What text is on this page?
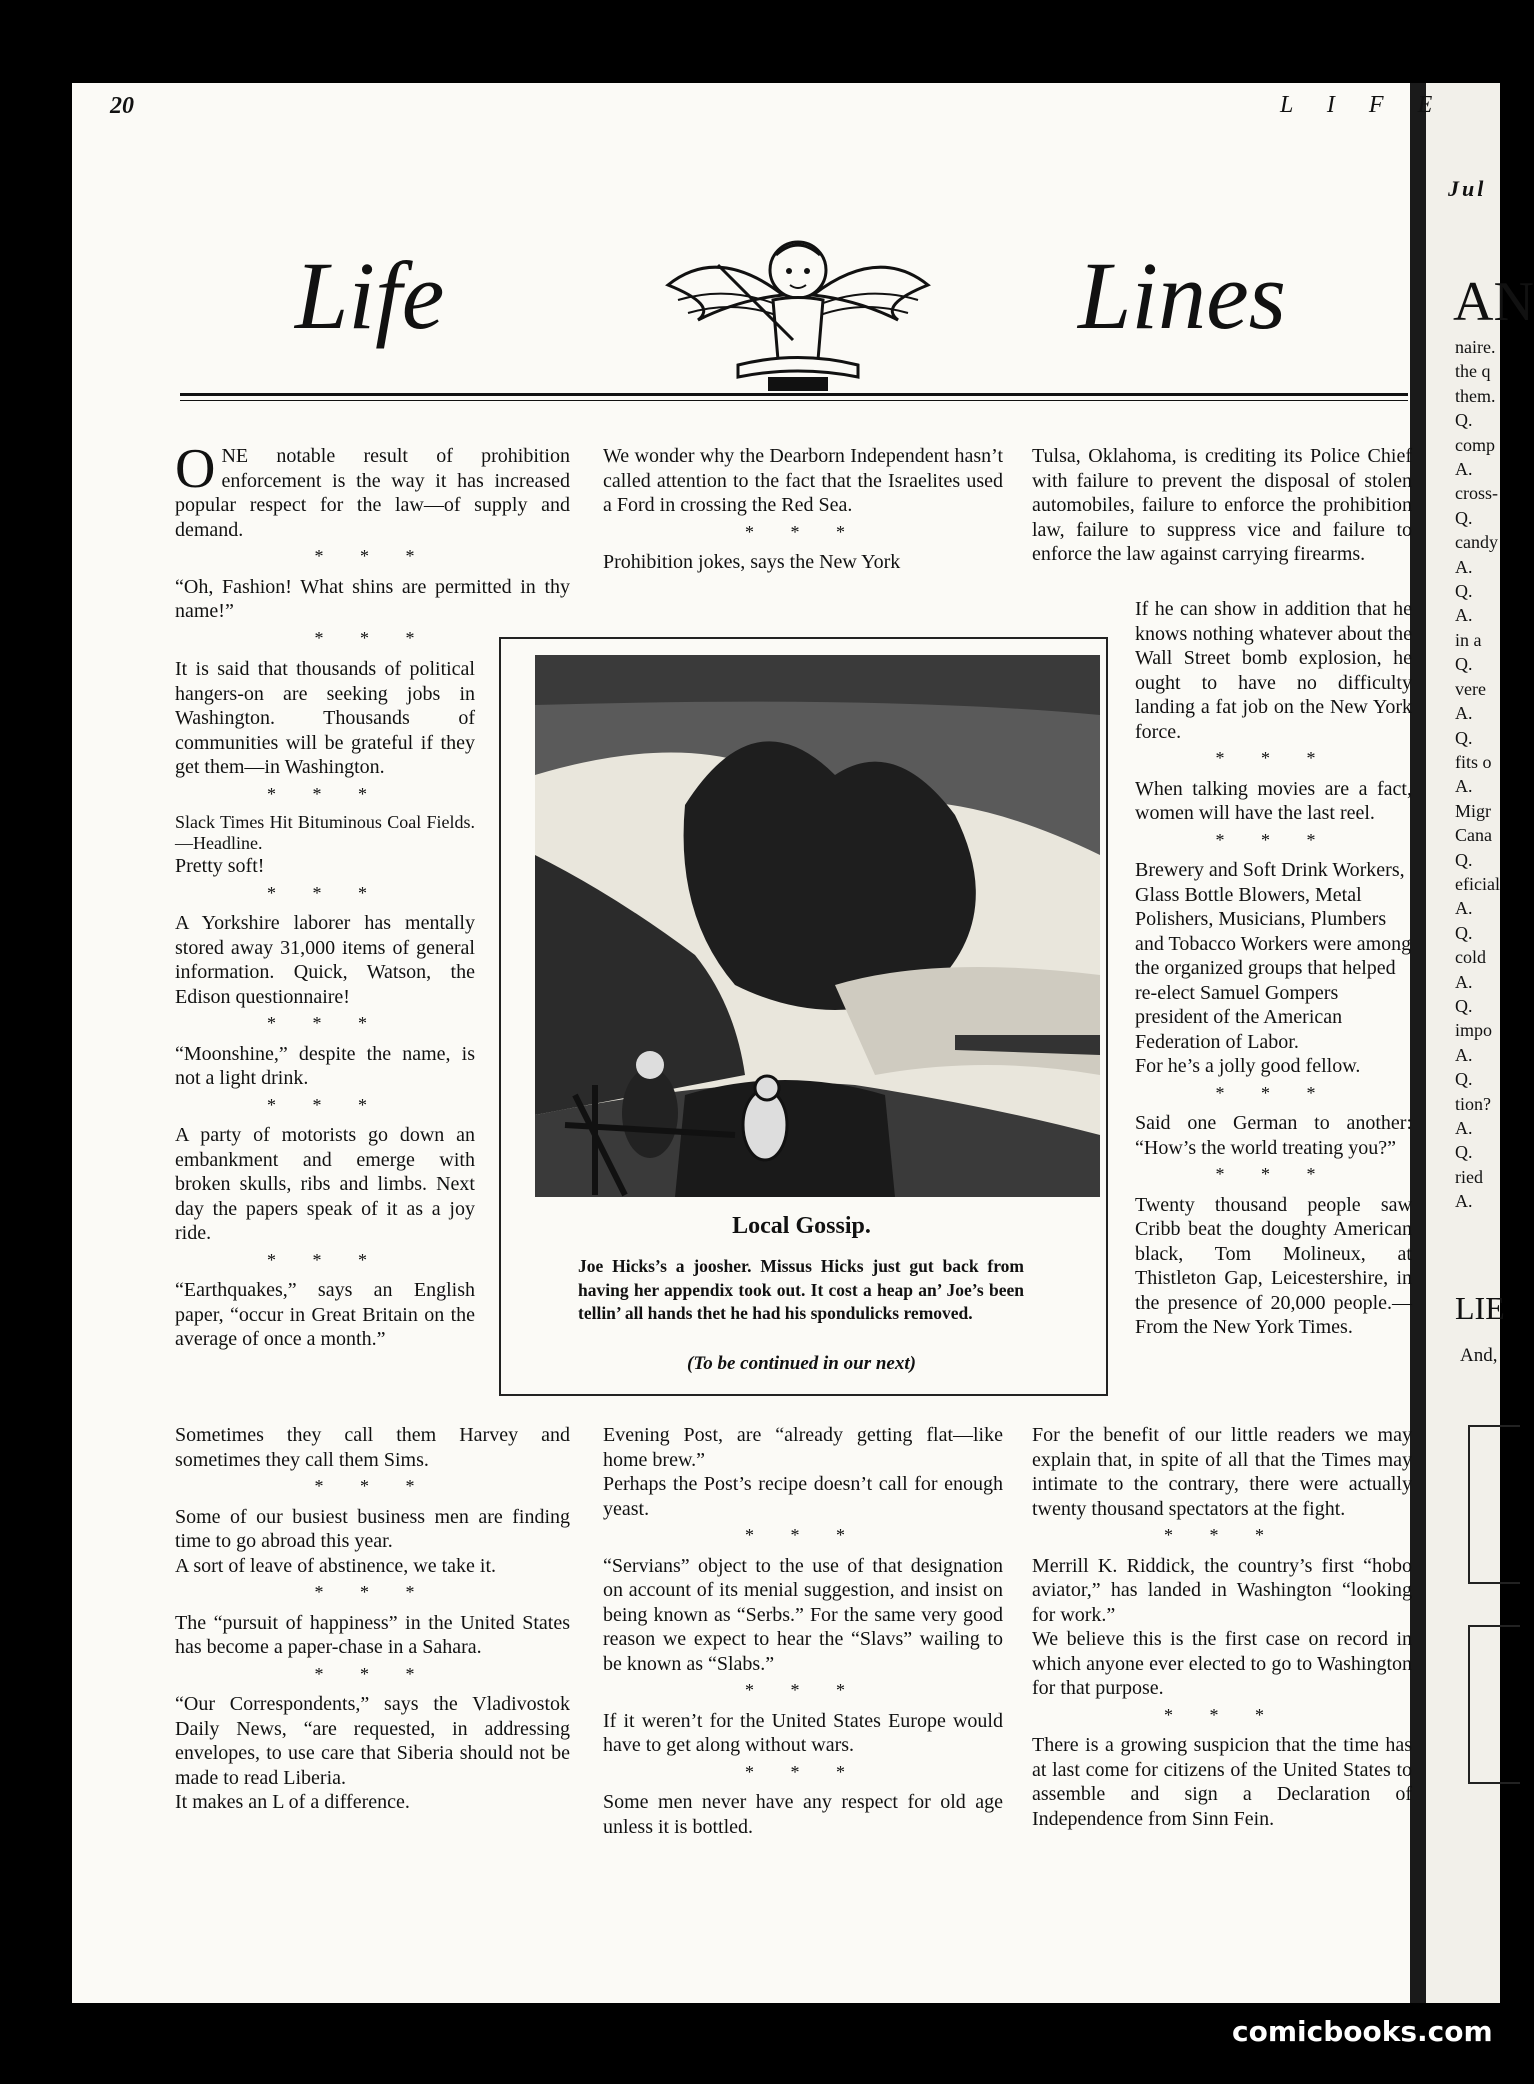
20	L I F E
Jul
Life	Lines

ONE notable result of prohibition enforcement is the way it has increased popular respect for the law—of supply and demand.

* * *

“Oh, Fashion! What shins are permitted in thy name!”

* * *

It is said that thousands of political hangers-on are seeking jobs in Washington. Thousands of communities will be grateful if they get them—in Washington.

* * *

Slack Times Hit Bituminous Coal Fields.—Headline.

Pretty soft!

* * *

A Yorkshire laborer has mentally stored away 31,000 items of general information. Quick, Watson, the Edison questionnaire!

* * *

“Moonshine,” despite the name, is not a light drink.

* * *

A party of motorists go down an embankment and emerge with broken skulls, ribs and limbs. Next day the papers speak of it as a joy ride.

* * *

“Earthquakes,” says an English paper, “occur in Great Britain on the average of once a month.”

Sometimes they call them Harvey and sometimes they call them Sims.

* * *

Some of our busiest business men are finding time to go abroad this year.

A sort of leave of abstinence, we take it.

* * *

The “pursuit of happiness” in the United States has become a paper-chase in a Sahara.

* * *

“Our Correspondents,” says the Vladivostok Daily News, “are requested, in addressing envelopes, to use care that Siberia should not be made to read Liberia.

It makes an L of a difference.

We wonder why the Dearborn Independent hasn’t called attention to the fact that the Israelites used a Ford in crossing the Red Sea.

* * *

Prohibition jokes, says the New York

Evening Post, are “already getting flat—like home brew.”

Perhaps the Post’s recipe doesn’t call for enough yeast.

* * *

“Servians” object to the use of that designation on account of its menial suggestion, and insist on being known as “Serbs.” For the same very good reason we expect to hear the “Slavs” wailing to be known as “Slabs.”

* * *

If it weren’t for the United States Europe would have to get along without wars.

* * *

Some men never have any respect for old age unless it is bottled.

Tulsa, Oklahoma, is crediting its Police Chief with failure to prevent the disposal of stolen automobiles, failure to enforce the prohibition law, failure to suppress vice and failure to enforce the law against carrying firearms.

If he can show in addition that he knows nothing whatever about the Wall Street bomb explosion, he ought to have no difficulty landing a fat job on the New York force.

* * *

When talking movies are a fact, women will have the last reel.

* * *

Brewery and Soft Drink Workers, Glass Bottle Blowers, Metal Polishers, Musicians, Plumbers and Tobacco Workers were among the organized groups that helped re-elect Samuel Gompers president of the American Federation of Labor.

For he’s a jolly good fellow.

* * *

Said one German to another: “How’s the world treating you?”

* * *

Twenty thousand people saw Cribb beat the doughty American black, Tom Molineux, at Thistleton Gap, Leicestershire, in the presence of 20,000 people.—From the New York Times.

For the benefit of our little readers we may explain that, in spite of all that the Times may intimate to the contrary, there were actually twenty thousand spectators at the fight.

* * *

Merrill K. Riddick, the country’s first “hobo aviator,” has landed in Washington “looking for work.”

We believe this is the first case on record in which anyone ever elected to go to Washington for that purpose.

* * *

There is a growing suspicion that the time has at last come for citizens of the United States to assemble and sign a Declaration of Independence from Sinn Fein.

Local Gossip.
Joe Hicks’s a joosher. Missus Hicks just gut back from having her appendix took out. It cost a heap an’ Joe’s been tellin’ all hands thet he had his spondulicks removed.
(To be continued in our next)
AN
naire.
the q
them.
Q.
comp
A.
cross-
Q.
candy
A.
Q.
A.
in a
Q.
vere
A.
Q.
fits o
A.
Migr
Cana
Q.
eficial
A.
Q.
cold
A.
Q.
impo
A.
Q.
tion?
A.
Q.
ried
A.
LIE
And,
comicbooks.com
